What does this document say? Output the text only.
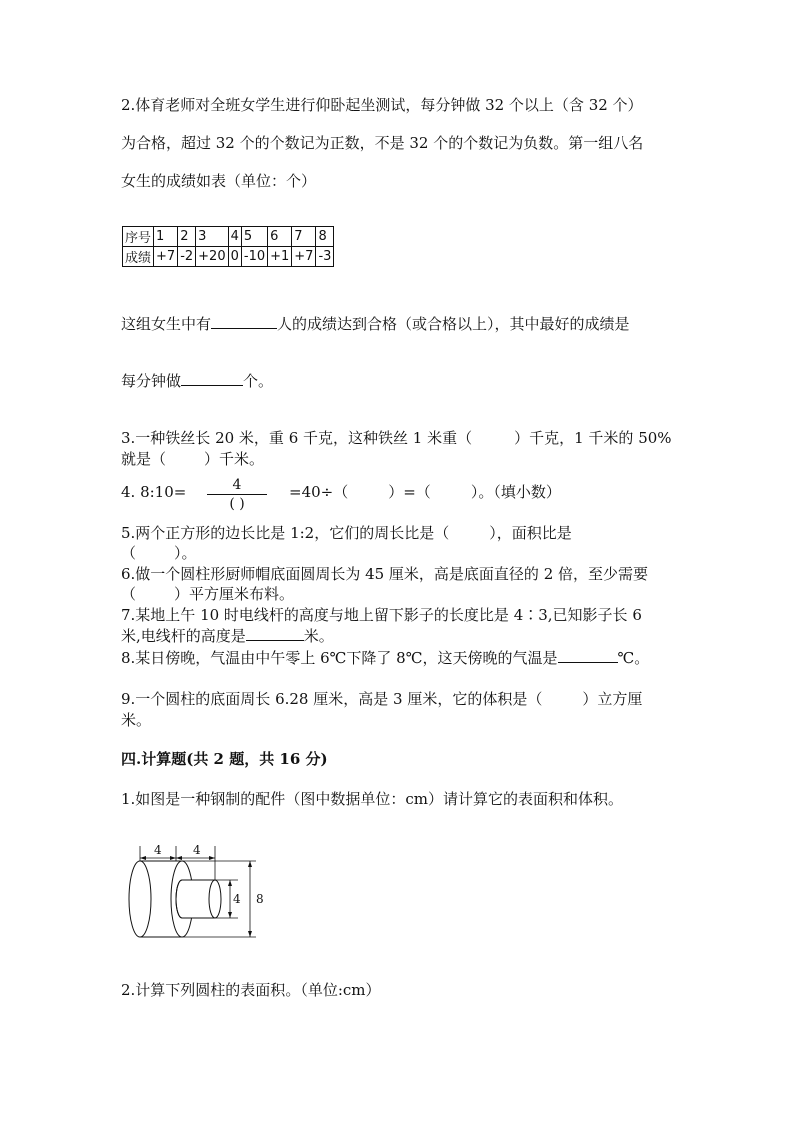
2.体育老师对全班女学生进行仰卧起坐测试，每分钟做 32 个以上（含 32 个）
为合格，超过 32 个的个数记为正数，不是 32 个的个数记为负数。第一组八名
女生的成绩如表（单位：个）
序号	1	2	3	4	5	6	7	8
成绩	+7	-2	+20	0	-10	+1	+7	-3
这组女生中有	人的成绩达到合格（或合格以上），其中最好的成绩是
每分钟做	个。
3.一种铁丝长 20 米，重 6 千克，这种铁丝 1 米重（	）千克，1 千米的 50%
就是（	）千米。
4. 8:10=	4
( )
=40÷（	）=（	）。（填小数）
5.两个正方形的边长比是 1:2，它们的周长比是（	），面积比是
（	）。
6.做一个圆柱形厨师帽底面圆周长为 45 厘米，高是底面直径的 2 倍，至少需要
（	）平方厘米布料。
7.某地上午 10 时电线杆的高度与地上留下影子的长度比是 4∶3,已知影子长 6
米,电线杆的高度是	米。
8.某日傍晚，气温由中午零上 6℃下降了 8℃，这天傍晚的气温是	℃。
9.一个圆柱的底面周长 6.28 厘米，高是 3 厘米，它的体积是（	）立方厘
米。
四.计算题(共 2 题，共 16 分)
1.如图是一种钢制的配件（图中数据单位：cm）请计算它的表面积和体积。
4	4
4 8
2.计算下列圆柱的表面积。（单位:cm）
